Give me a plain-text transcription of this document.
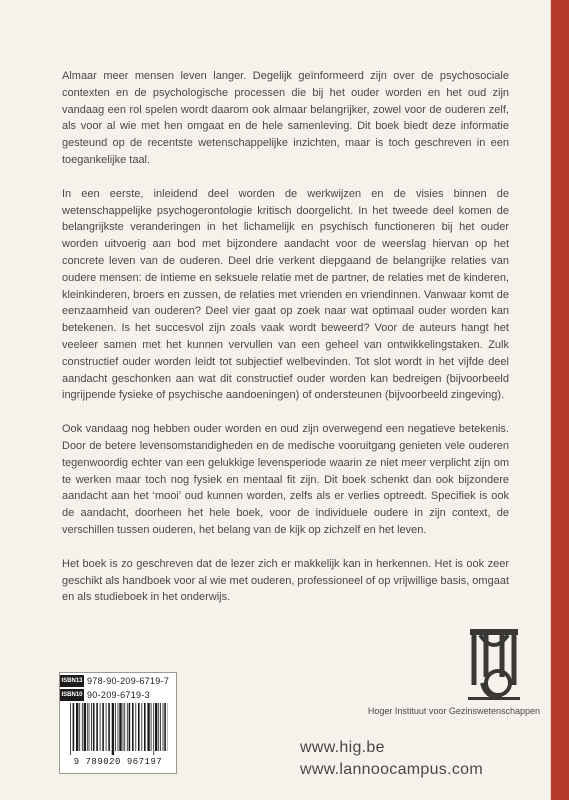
Almaar meer mensen leven langer. Degelijk geïnformeerd zijn over de psychosociale contexten en de psychologische processen die bij het ouder worden en het oud zijn vandaag een rol spelen wordt daarom ook almaar belangrijker, zowel voor de ouderen zelf, als voor al wie met hen omgaat en de hele samenleving. Dit boek biedt deze informatie gesteund op de recentste wetenschappelijke inzichten, maar is toch geschreven in een toegankelijke taal.

In een eerste, inleidend deel worden de werkwijzen en de visies binnen de wetenschappelijke psychogerontologie kritisch doorgelicht. In het tweede deel komen de belangrijkste veranderingen in het lichamelijk en psychisch functioneren bij het ouder worden uitvoerig aan bod met bijzondere aandacht voor de weerslag hiervan op het concrete leven van de ouderen. Deel drie verkent diepgaand de belangrijke relaties van oudere mensen: de intieme en seksuele relatie met de partner, de relaties met de kinderen, kleinkinderen, broers en zussen, de relaties met vrienden en vriendinnen. Vanwaar komt de eenzaamheid van ouderen? Deel vier gaat op zoek naar wat optimaal ouder worden kan betekenen. Is het succesvol zijn zoals vaak wordt beweerd? Voor de auteurs hangt het veeleer samen met het kunnen vervullen van een geheel van ontwikkelingstaken. Zulk constructief ouder worden leidt tot subjectief welbevinden. Tot slot wordt in het vijfde deel aandacht geschonken aan wat dit constructief ouder worden kan bedreigen (bijvoorbeeld ingrijpende fysieke of psychische aandoeningen) of ondersteunen (bijvoorbeeld zingeving).

Ook vandaag nog hebben ouder worden en oud zijn overwegend een negatieve betekenis. Door de betere levensomstandigheden en de medische vooruitgang genieten vele ouderen tegenwoordig echter van een gelukkige levensperiode waarin ze niet meer verplicht zijn om te werken maar toch nog fysiek en mentaal fit zijn. Dit boek schenkt dan ook bijzondere aandacht aan het ‘mooi’ oud kunnen worden, zelfs als er verlies optreedt. Specifiek is ook de aandacht, doorheen het hele boek, voor de individuele oudere in zijn context, de verschillen tussen ouderen, het belang van de kijk op zichzelf en het leven.

Het boek is zo geschreven dat de lezer zich er makkelijk kan in herkennen. Het is ook zeer geschikt als handboek voor al wie met ouderen, professioneel of op vrijwillige basis, omgaat en als studieboek in het onderwijs.

ISBN13 978-90-209-6719-7
ISBN10 90-209-6719-3
9 789020 967197
Hoger Instituut voor Gezinswetenschappen
www.hig.be
www.lannoocampus.com
